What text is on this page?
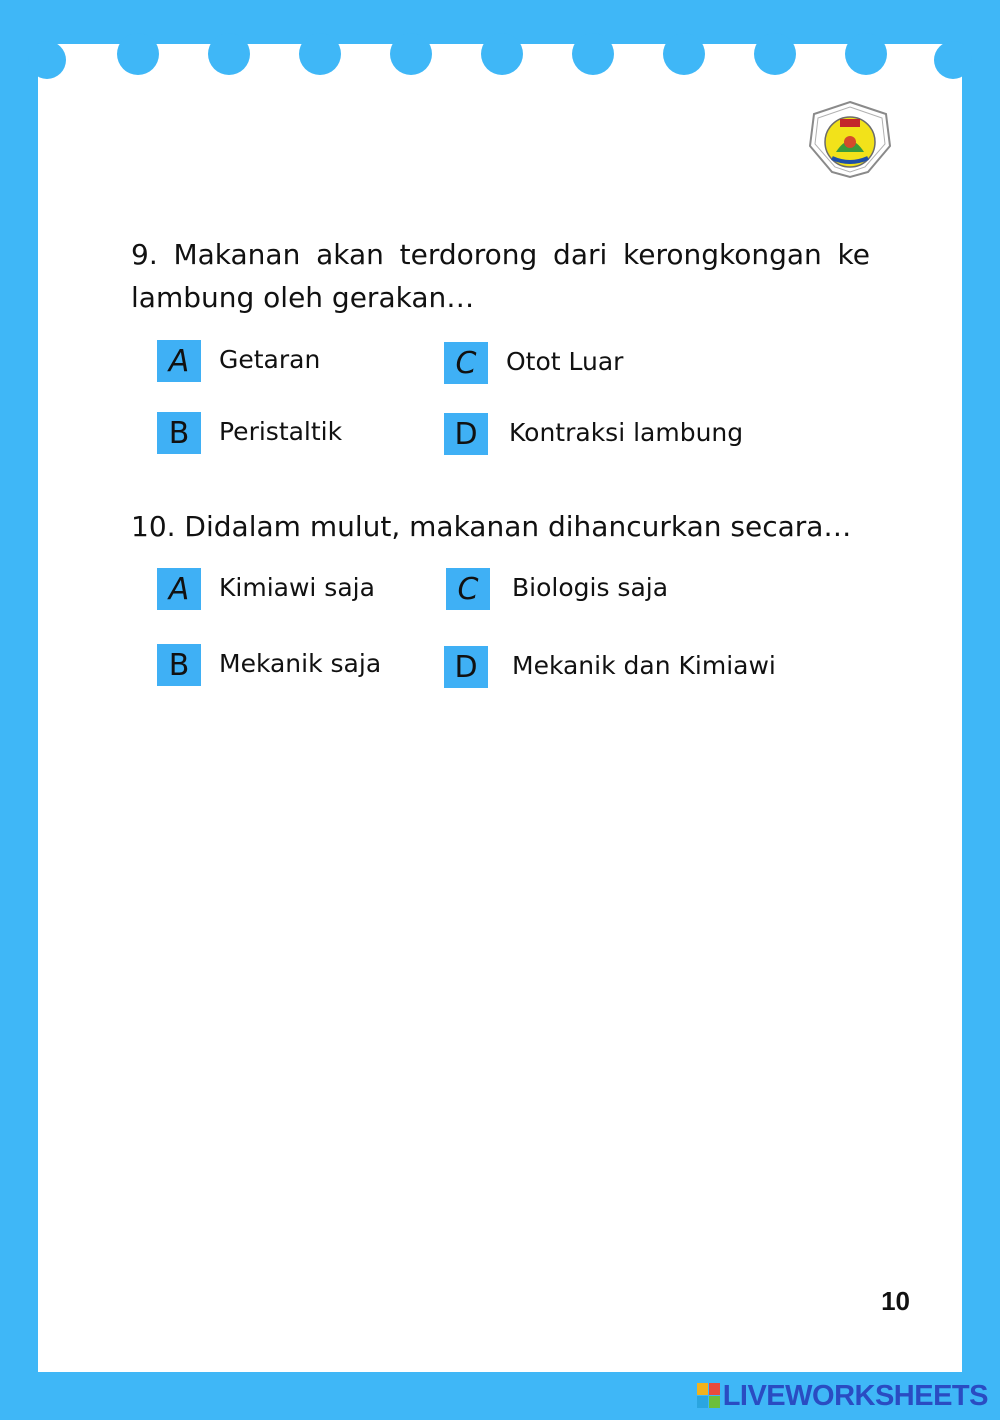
9. Makanan akan terdorong dari kerongkongan ke lambung oleh gerakan…
A	Getaran
B	Peristaltik
C	Otot Luar
D	Kontraksi lambung
10. Didalam mulut, makanan dihancurkan secara…
A	Kimiawi saja
B	Mekanik saja
C	Biologis saja
D	Mekanik dan Kimiawi
10
LIVEWORKSHEETS
